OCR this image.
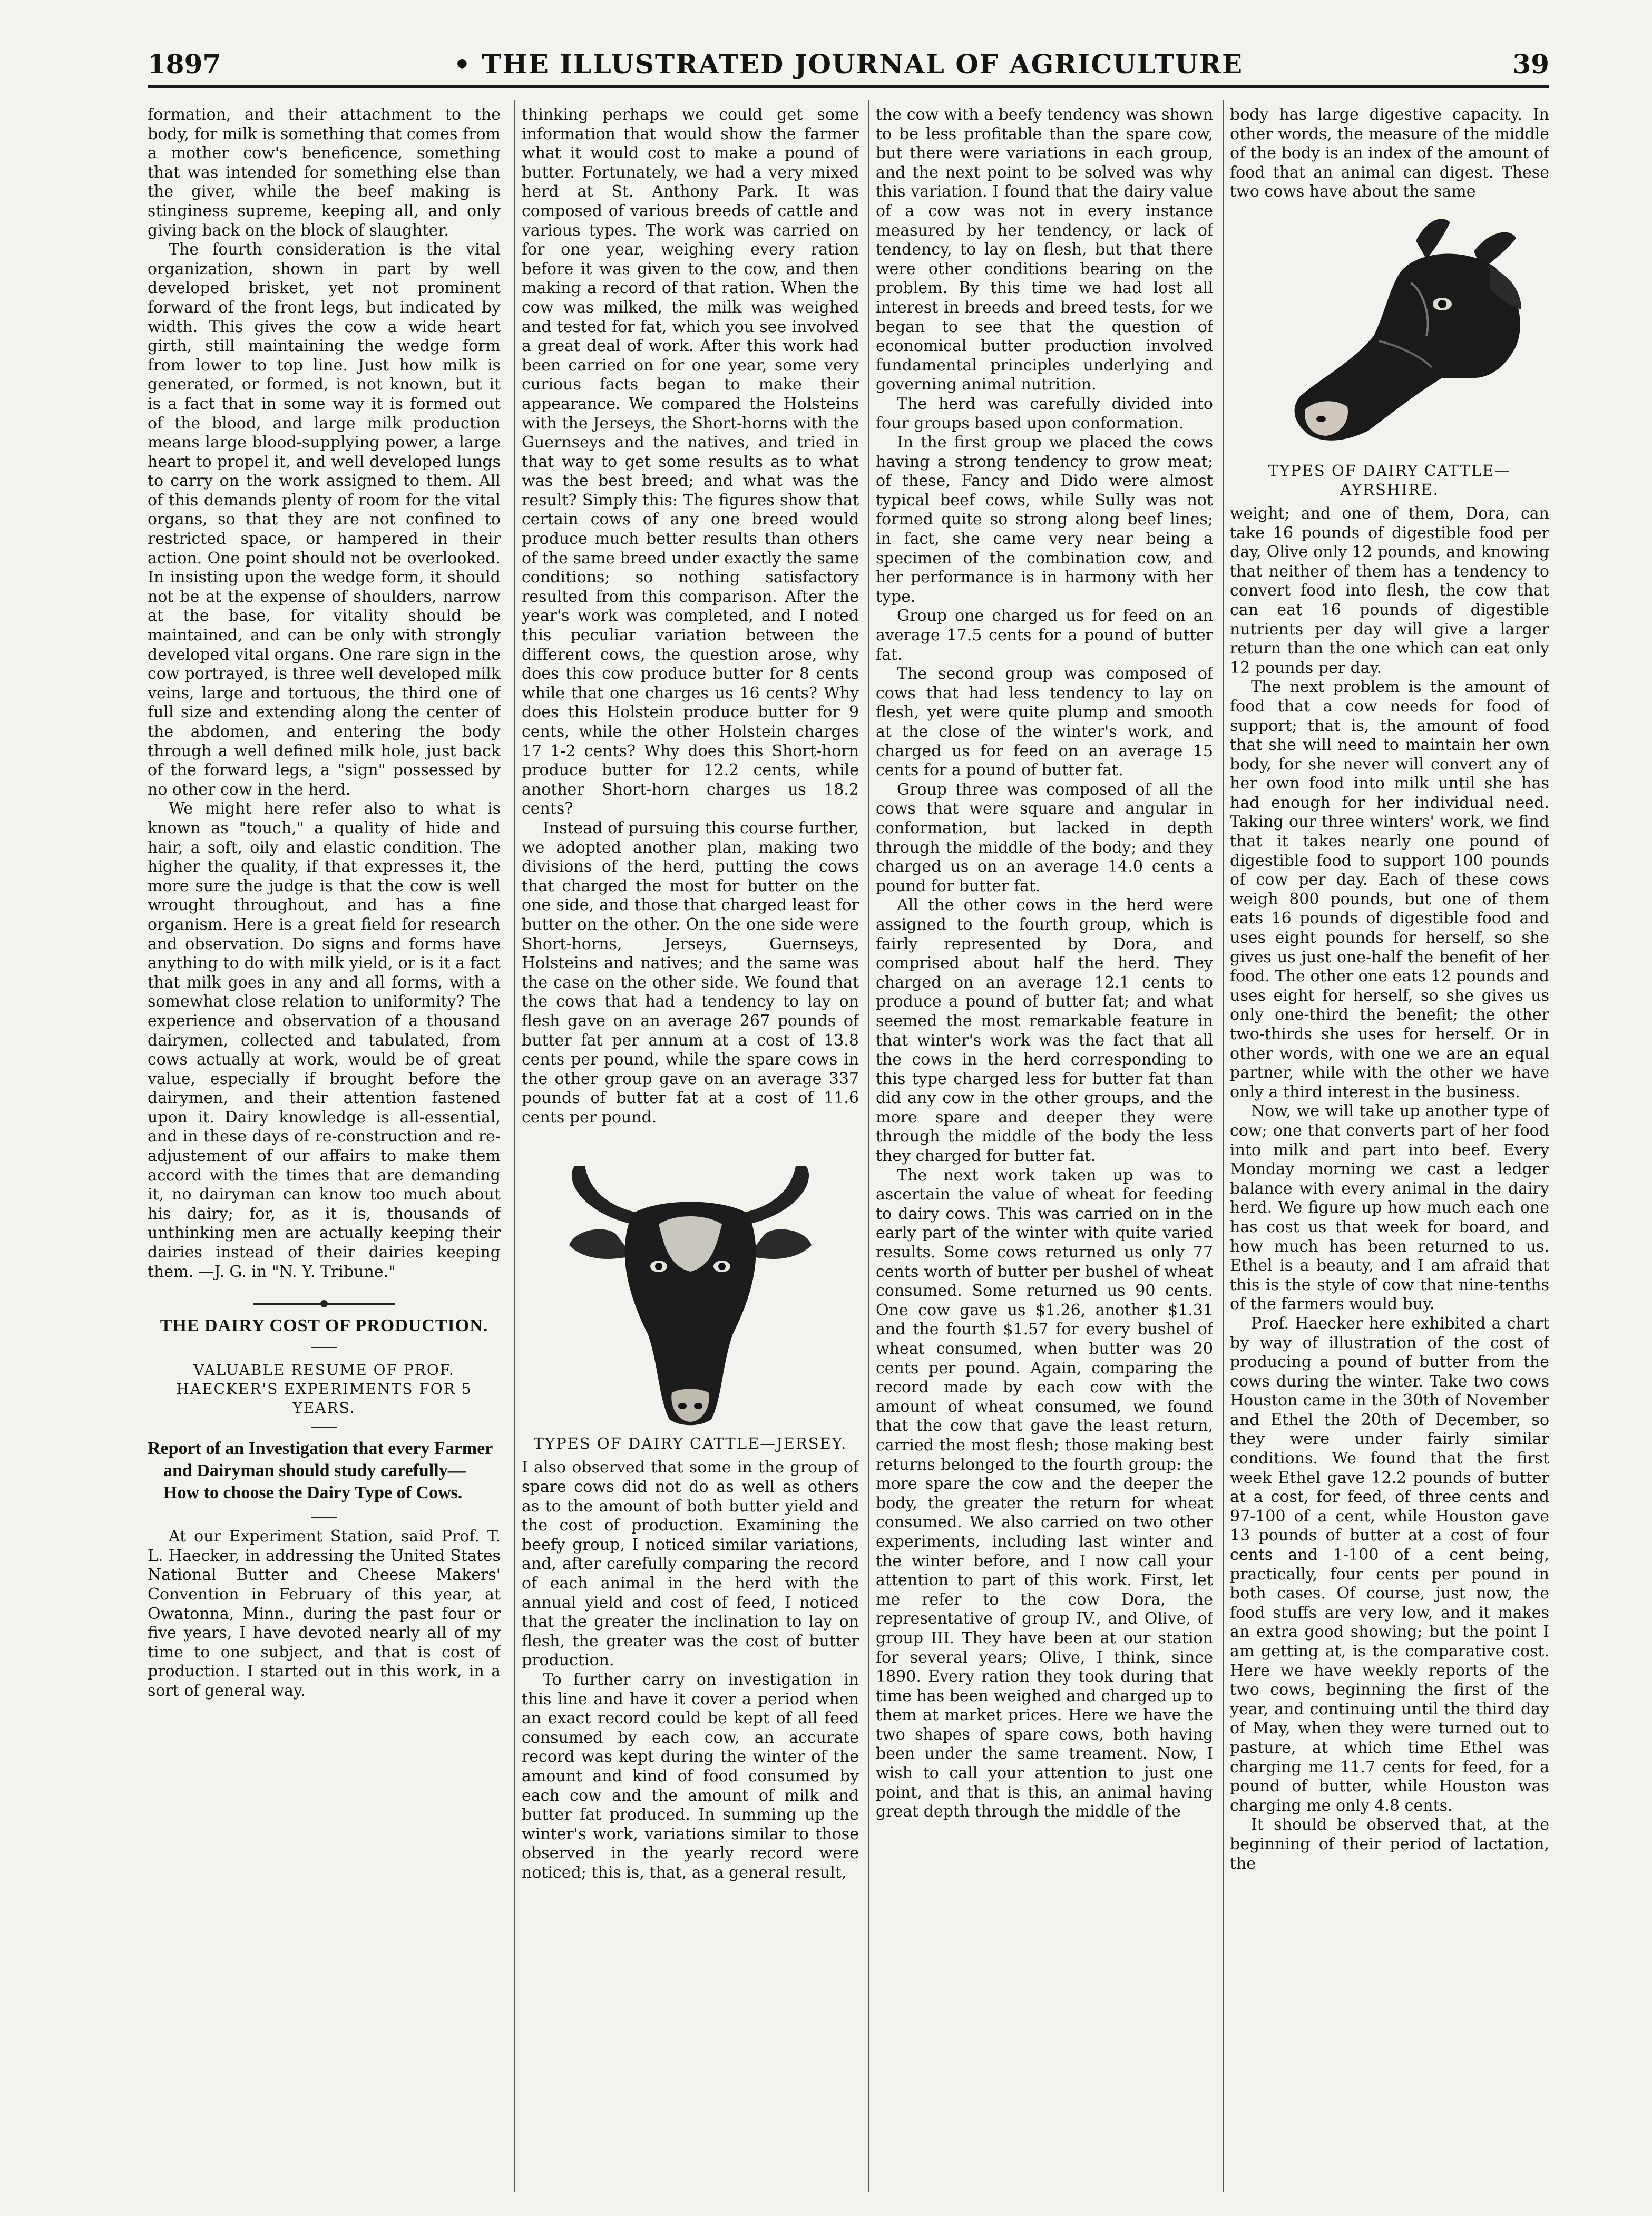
1897	• THE ILLUSTRATED JOURNAL OF AGRICULTURE	39

formation, and their attachment to the body, for milk is something that comes from a mother cow's beneficence, something that was intended for something else than the giver, while the beef making is stinginess supreme, keeping all, and only giving back on the block of slaughter.

The fourth consideration is the vital organization, shown in part by well developed brisket, yet not prominent forward of the front legs, but indicated by width. This gives the cow a wide heart girth, still maintaining the wedge form from lower to top line. Just how milk is generated, or formed, is not known, but it is a fact that in some way it is formed out of the blood, and large milk production means large blood-supplying power, a large heart to propel it, and well developed lungs to carry on the work assigned to them. All of this demands plenty of room for the vital organs, so that they are not confined to restricted space, or hampered in their action. One point should not be overlooked. In insisting upon the wedge form, it should not be at the expense of shoulders, narrow at the base, for vitality should be maintained, and can be only with strongly developed vital organs. One rare sign in the cow portrayed, is three well developed milk veins, large and tortuous, the third one of full size and extending along the center of the abdomen, and entering the body through a well defined milk hole, just back of the forward legs, a "sign" possessed by no other cow in the herd.

We might here refer also to what is known as "touch," a quality of hide and hair, a soft, oily and elastic condition. The higher the quality, if that expresses it, the more sure the judge is that the cow is well wrought throughout, and has a fine organism. Here is a great field for research and observation. Do signs and forms have anything to do with milk yield, or is it a fact that milk goes in any and all forms, with a somewhat close relation to uniformity? The experience and observation of a thousand dairymen, collected and tabulated, from cows actually at work, would be of great value, especially if brought before the dairymen, and their attention fastened upon it. Dairy knowledge is all-essential, and in these days of re-construction and re-adjustement of our affairs to make them accord with the times that are demanding it, no dairyman can know too much about his dairy; for, as it is, thousands of unthinking men are actually keeping their dairies instead of their dairies keeping them. —J. G. in "N. Y. Tribune."

THE DAIRY COST OF PRODUCTION.
VALUABLE RESUME OF PROF. HAECKER'S EXPERIMENTS FOR 5 YEARS.
Report of an Investigation that every Farmer and Dairyman should study carefully—How to choose the Dairy Type of Cows.

At our Experiment Station, said Prof. T. L. Haecker, in addressing the United States National Butter and Cheese Makers' Convention in February of this year, at Owatonna, Minn., during the past four or five years, I have devoted nearly all of my time to one subject, and that is cost of production. I started out in this work, in a sort of general way.

thinking perhaps we could get some information that would show the farmer what it would cost to make a pound of butter. Fortunately, we had a very mixed herd at St. Anthony Park. It was composed of various breeds of cattle and various types. The work was carried on for one year, weighing every ration before it was given to the cow, and then making a record of that ration. When the cow was milked, the milk was weighed and tested for fat, which you see involved a great deal of work. After this work had been carried on for one year, some very curious facts began to make their appearance. We compared the Holsteins with the Jerseys, the Short-horns with the Guernseys and the natives, and tried in that way to get some results as to what was the best breed; and what was the result? Simply this: The figures show that certain cows of any one breed would produce much better results than others of the same breed under exactly the same conditions; so nothing satisfactory resulted from this comparison. After the year's work was completed, and I noted this peculiar variation between the different cows, the question arose, why does this cow produce butter for 8 cents while that one charges us 16 cents? Why does this Holstein produce butter for 9 cents, while the other Holstein charges 17 1-2 cents? Why does this Short-horn produce butter for 12.2 cents, while another Short-horn charges us 18.2 cents?

Instead of pursuing this course further, we adopted another plan, making two divisions of the herd, putting the cows that charged the most for butter on the one side, and those that charged least for butter on the other. On the one side were Short-horns, Jerseys, Guernseys, Holsteins and natives; and the same was the case on the other side. We found that the cows that had a tendency to lay on flesh gave on an average 267 pounds of butter fat per annum at a cost of 13.8 cents per pound, while the spare cows in the other group gave on an average 337 pounds of butter fat at a cost of 11.6 cents per pound.

TYPES OF DAIRY CATTLE—JERSEY.

I also observed that some in the group of spare cows did not do as well as others as to the amount of both butter yield and the cost of production. Examining the beefy group, I noticed similar variations, and, after carefully comparing the record of each animal in the herd with the annual yield and cost of feed, I noticed that the greater the inclination to lay on flesh, the greater was the cost of butter production.

To further carry on investigation in this line and have it cover a period when an exact record could be kept of all feed consumed by each cow, an accurate record was kept during the winter of the amount and kind of food consumed by each cow and the amount of milk and butter fat produced. In summing up the winter's work, variations similar to those observed in the yearly record were noticed; this is, that, as a general result,

the cow with a beefy tendency was shown to be less profitable than the spare cow, but there were variations in each group, and the next point to be solved was why this variation. I found that the dairy value of a cow was not in every instance measured by her tendency, or lack of tendency, to lay on flesh, but that there were other conditions bearing on the problem. By this time we had lost all interest in breeds and breed tests, for we began to see that the question of economical butter production involved fundamental principles underlying and governing animal nutrition.

The herd was carefully divided into four groups based upon conformation.

In the first group we placed the cows having a strong tendency to grow meat; of these, Fancy and Dido were almost typical beef cows, while Sully was not formed quite so strong along beef lines; in fact, she came very near being a specimen of the combination cow, and her performance is in harmony with her type.

Group one charged us for feed on an average 17.5 cents for a pound of butter fat.

The second group was composed of cows that had less tendency to lay on flesh, yet were quite plump and smooth at the close of the winter's work, and charged us for feed on an average 15 cents for a pound of butter fat.

Group three was composed of all the cows that were square and angular in conformation, but lacked in depth through the middle of the body; and they charged us on an average 14.0 cents a pound for butter fat.

All the other cows in the herd were assigned to the fourth group, which is fairly represented by Dora, and comprised about half the herd. They charged on an average 12.1 cents to produce a pound of butter fat; and what seemed the most remarkable feature in that winter's work was the fact that all the cows in the herd corresponding to this type charged less for butter fat than did any cow in the other groups, and the more spare and deeper they were through the middle of the body the less they charged for butter fat.

The next work taken up was to ascertain the value of wheat for feeding to dairy cows. This was carried on in the early part of the winter with quite varied results. Some cows returned us only 77 cents worth of butter per bushel of wheat consumed. Some returned us 90 cents. One cow gave us $1.26, another $1.31 and the fourth $1.57 for every bushel of wheat consumed, when butter was 20 cents per pound. Again, comparing the record made by each cow with the amount of wheat consumed, we found that the cow that gave the least return, carried the most flesh; those making best returns belonged to the fourth group: the more spare the cow and the deeper the body, the greater the return for wheat consumed. We also carried on two other experiments, including last winter and the winter before, and I now call your attention to part of this work. First, let me refer to the cow Dora, the representative of group IV., and Olive, of group III. They have been at our station for several years; Olive, I think, since 1890. Every ration they took during that time has been weighed and charged up to them at market prices. Here we have the two shapes of spare cows, both having been under the same treament. Now, I wish to call your attention to just one point, and that is this, an animal having great depth through the middle of the

body has large digestive capacity. In other words, the measure of the middle of the body is an index of the amount of food that an animal can digest. These two cows have about the same

TYPES OF DAIRY CATTLE—AYRSHIRE.

weight; and one of them, Dora, can take 16 pounds of digestible food per day, Olive only 12 pounds, and knowing that neither of them has a tendency to convert food into flesh, the cow that can eat 16 pounds of digestible nutrients per day will give a larger return than the one which can eat only 12 pounds per day.

The next problem is the amount of food that a cow needs for food of support; that is, the amount of food that she will need to maintain her own body, for she never will convert any of her own food into milk until she has had enough for her individual need. Taking our three winters' work, we find that it takes nearly one pound of digestible food to support 100 pounds of cow per day. Each of these cows weigh 800 pounds, but one of them eats 16 pounds of digestible food and uses eight pounds for herself, so she gives us just one-half the benefit of her food. The other one eats 12 pounds and uses eight for herself, so she gives us only one-third the benefit; the other two-thirds she uses for herself. Or in other words, with one we are an equal partner, while with the other we have only a third interest in the business.

Now, we will take up another type of cow; one that converts part of her food into milk and part into beef. Every Monday morning we cast a ledger balance with every animal in the dairy herd. We figure up how much each one has cost us that week for board, and how much has been returned to us. Ethel is a beauty, and I am afraid that this is the style of cow that nine-tenths of the farmers would buy.

Prof. Haecker here exhibited a chart by way of illustration of the cost of producing a pound of butter from the cows during the winter. Take two cows Houston came in the 30th of November and Ethel the 20th of December, so they were under fairly similar conditions. We found that the first week Ethel gave 12.2 pounds of butter at a cost, for feed, of three cents and 97-100 of a cent, while Houston gave 13 pounds of butter at a cost of four cents and 1-100 of a cent being, practically, four cents per pound in both cases. Of course, just now, the food stuffs are very low, and it makes an extra good showing; but the point I am getting at, is the comparative cost. Here we have weekly reports of the two cows, beginning the first of the year, and continuing until the third day of May, when they were turned out to pasture, at which time Ethel was charging me 11.7 cents for feed, for a pound of butter, while Houston was charging me only 4.8 cents.

It should be observed that, at the beginning of their period of lactation, the
